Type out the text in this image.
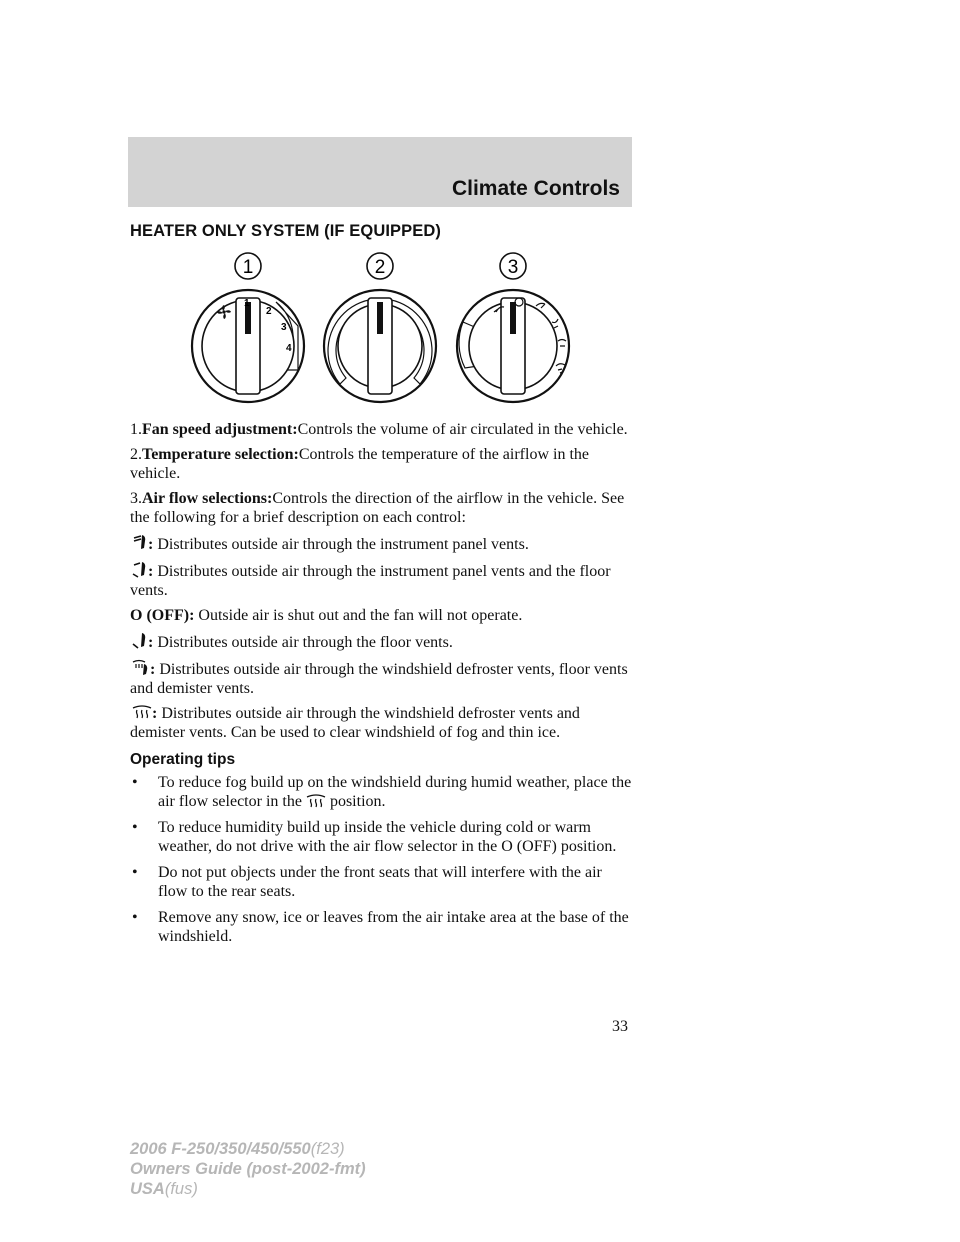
Climate Controls
HEATER ONLY SYSTEM (IF EQUIPPED)
1	2	3
1
2
3
4

1.Fan speed adjustment:Controls the volume of air circulated in the vehicle.

2.Temperature selection:Controls the temperature of the airflow in the vehicle.

3.Air flow selections:Controls the direction of the airflow in the vehicle. See the following for a brief description on each control:

: Distributes outside air through the instrument panel vents.

: Distributes outside air through the instrument panel vents and the floor vents.

O (OFF): Outside air is shut out and the fan will not operate.

: Distributes outside air through the floor vents.

: Distributes outside air through the windshield defroster vents, floor vents and demister vents.

: Distributes outside air through the windshield defroster vents and demister vents. Can be used to clear windshield of fog and thin ice.

Operating tips
• To reduce fog build up on the windshield during humid weather, place the air flow selector in the position.
• To reduce humidity build up inside the vehicle during cold or warm weather, do not drive with the air flow selector in the O (OFF) position.
• Do not put objects under the front seats that will interfere with the air flow to the rear seats.
• Remove any snow, ice or leaves from the air intake area at the base of the windshield.
33
2006 F-250/350/450/550(f23)
Owners Guide (post-2002-fmt)
USA(fus)
